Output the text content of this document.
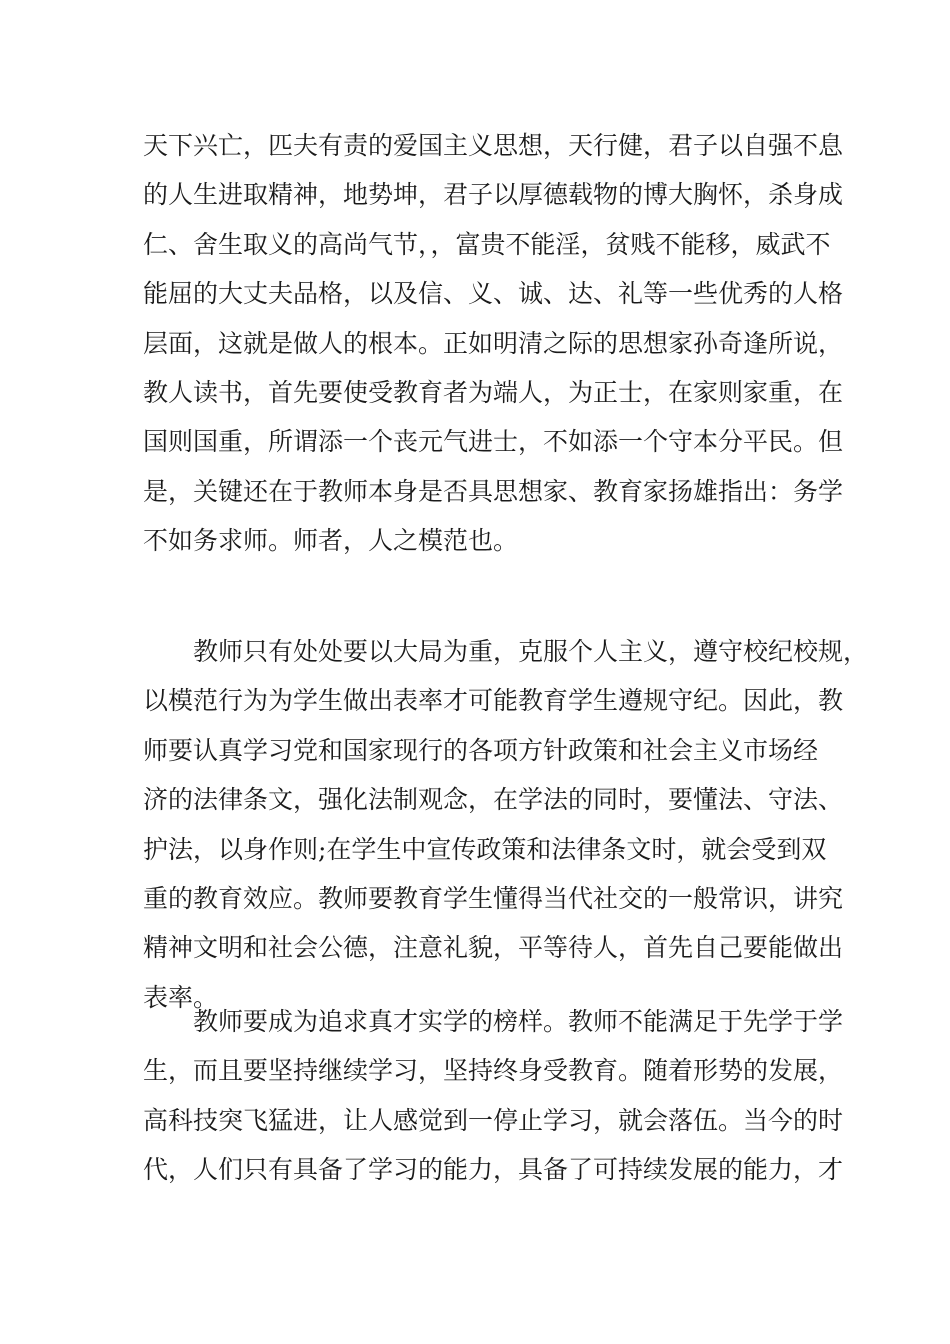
天下兴亡，匹夫有责的爱国主义思想，天行健，君子以自强不息
的人生进取精神，地势坤，君子以厚德载物的博大胸怀，杀身成
仁、舍生取义的高尚气节，，富贵不能淫，贫贱不能移，威武不
能屈的大丈夫品格，以及信、义、诚、达、礼等一些优秀的人格
层面，这就是做人的根本。正如明清之际的思想家孙奇逢所说，
教人读书，首先要使受教育者为端人，为正士，在家则家重，在
国则国重，所谓添一个丧元气进士，不如添一个守本分平民。但
是，关键还在于教师本身是否具思想家、教育家扬雄指出：务学
不如务求师。师者，人之模范也。
教师只有处处要以大局为重，克服个人主义，遵守校纪校规，
以模范行为为学生做出表率才可能教育学生遵规守纪。因此，教
师要认真学习党和国家现行的各项方针政策和社会主义市场经
济的法律条文，强化法制观念，在学法的同时，要懂法、守法、
护法，以身作则;在学生中宣传政策和法律条文时，就会受到双
重的教育效应。教师要教育学生懂得当代社交的一般常识，讲究
精神文明和社会公德，注意礼貌，平等待人，首先自己要能做出
表率。
教师要成为追求真才实学的榜样。教师不能满足于先学于学
生，而且要坚持继续学习，坚持终身受教育。随着形势的发展，
高科技突飞猛进，让人感觉到一停止学习，就会落伍。当今的时
代，人们只有具备了学习的能力，具备了可持续发展的能力，才
